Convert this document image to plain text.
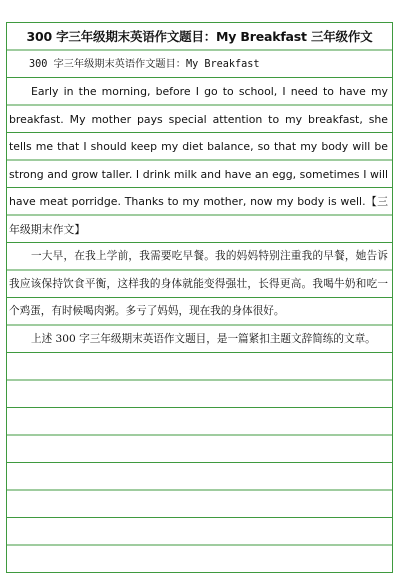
300 字三年级期末英语作文题目：My Breakfast 三年级作文
300 字三年级期末英语作文题目：My Breakfast

Early in the morning, before I go to school, I need to have my breakfast. My mother pays special attention to my breakfast, she tells me that I should keep my diet balance, so that my body will be strong and grow taller. I drink milk and have an egg, sometimes I will have meat porridge. Thanks to my mother, now my body is well.【三年级期末作文】

一大早，在我上学前，我需要吃早餐。我的妈妈特别注重我的早餐，她告诉我应该保持饮食平衡，这样我的身体就能变得强壮，长得更高。我喝牛奶和吃一个鸡蛋，有时候喝肉粥。多亏了妈妈，现在我的身体很好。

上述 300 字三年级期末英语作文题目，是一篇紧扣主题文辞简练的文章。
